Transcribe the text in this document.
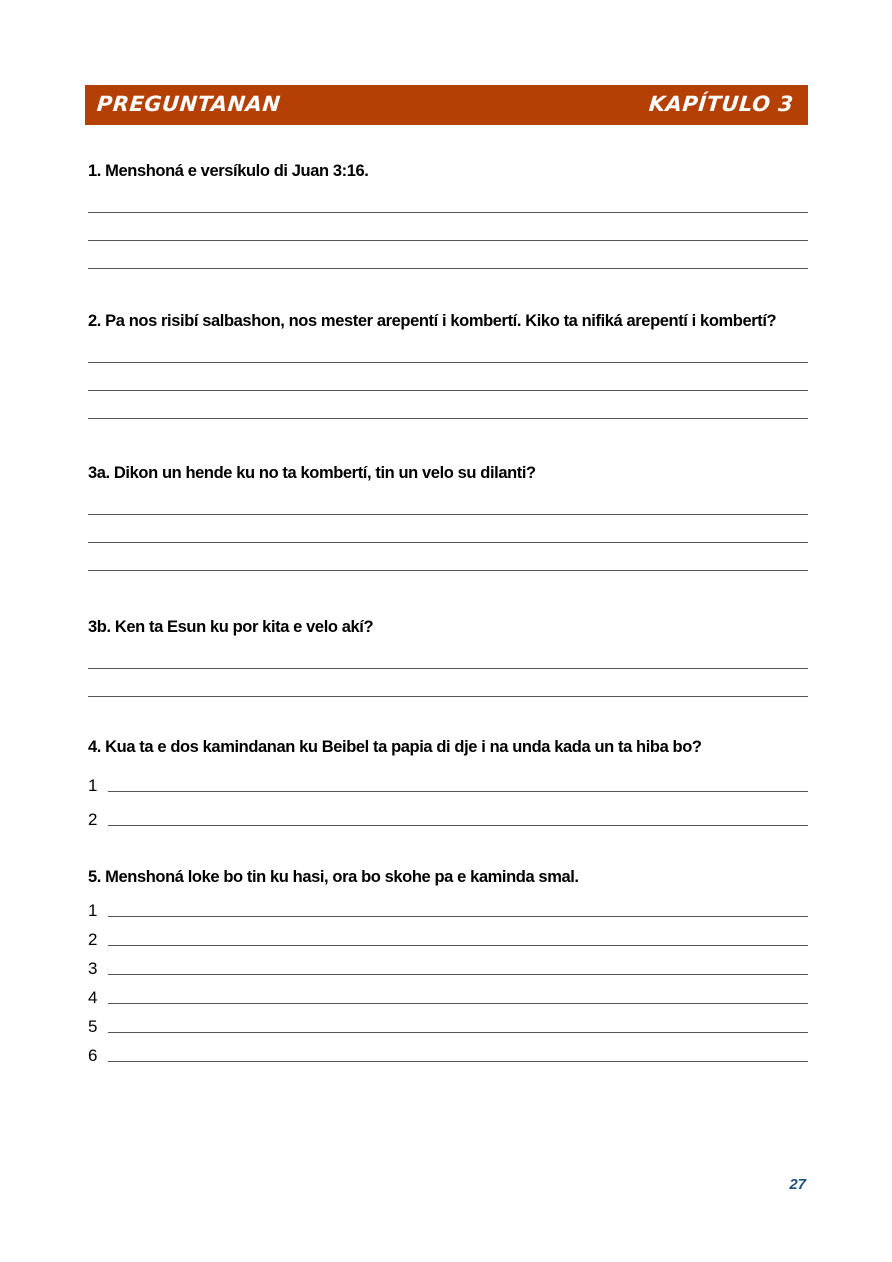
PREGUNTANAN	KAPÍTULO 3

1. Menshoná e versíkulo di Juan 3:16.

2. Pa nos risibí salbashon, nos mester arepentí i kombertí. Kiko ta nifiká arepentí i kombertí?

3a. Dikon un hende ku no ta kombertí, tin un velo su dilanti?

3b. Ken ta Esun ku por kita e velo akí?

4. Kua ta e dos kamindanan ku Beibel ta papia di dje i na unda kada un ta hiba bo?

1
2

5. Menshoná loke bo tin ku hasi, ora bo skohe pa e kaminda smal.

1
2
3
4
5
6
27
